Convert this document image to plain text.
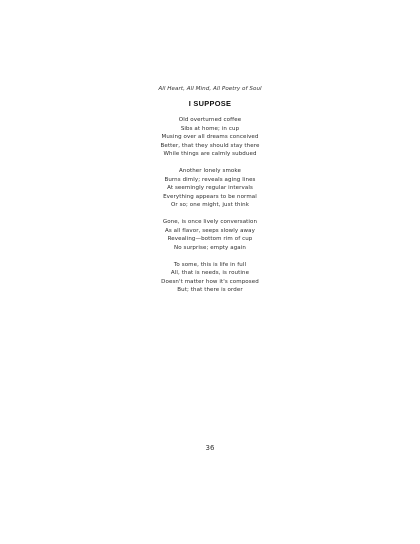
All Heart, All Mind, All Poetry of Soul
I SUPPOSE
Old overturned coffee
Sibs at home; in cup
Musing over all dreams conceived
Better, that they should stay there
While things are calmly subdued
Another lonely smoke
Burns dimly; reveals aging lines
At seemingly regular intervals
Everything appears to be normal
Or so; one might, just think
Gone, is once lively conversation
As all flavor, seeps slowly away
Revealing—bottom rim of cup
No surprise; empty again
To some, this is life in full
All, that is needs, is routine
Doesn't matter how it's composed
But; that there is order
36
